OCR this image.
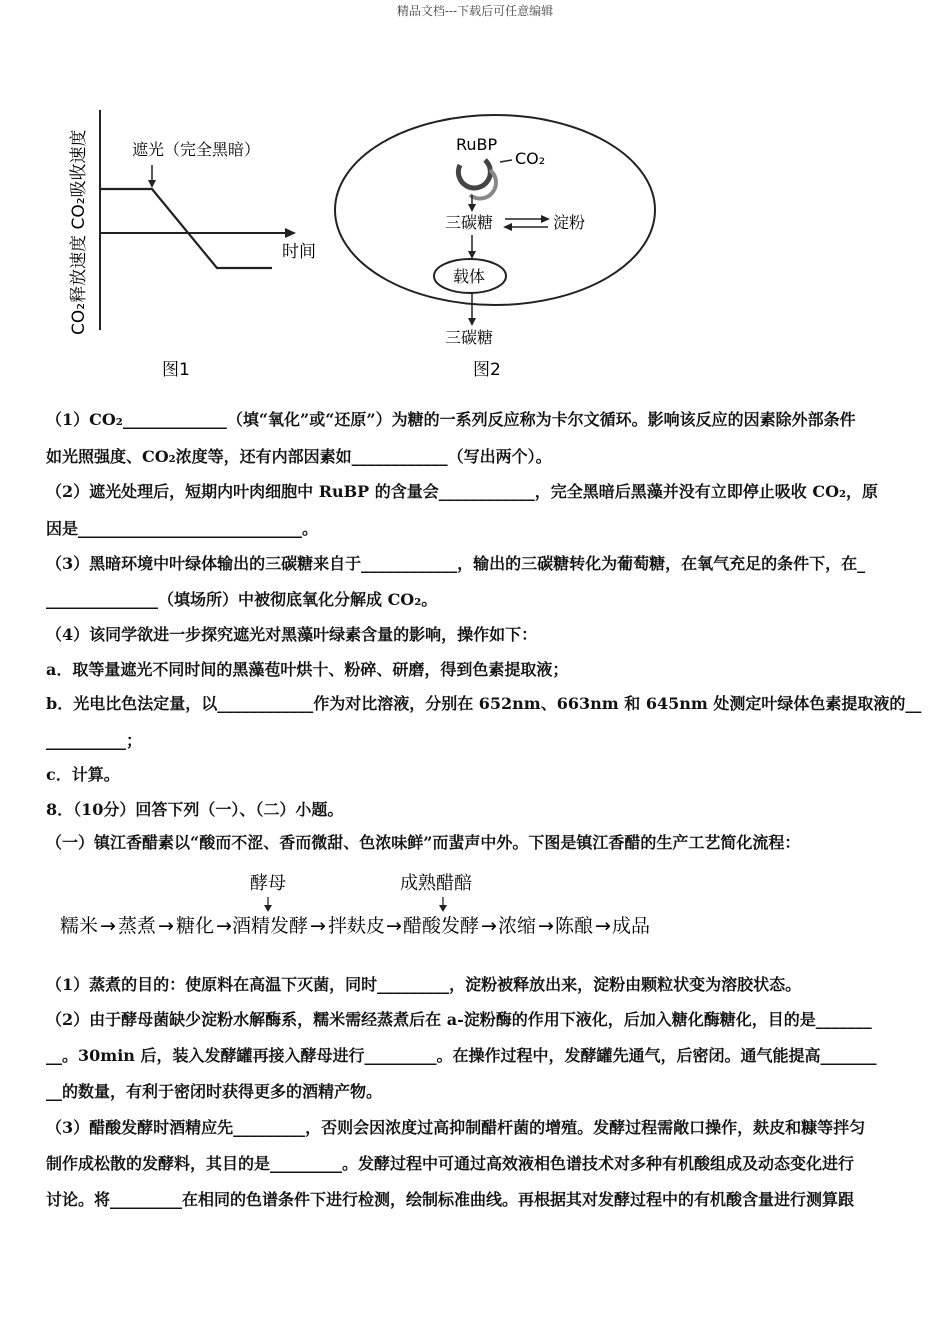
精品文档---下载后可任意编辑
CO₂释放速度 CO₂吸收速度	遮光（完全黑暗）
时间
图1
RuBP
CO₂
三碳糖	淀粉
载体
三碳糖
图2
（1）CO₂_____________（填“氧化”或“还原”）为糖的一系列反应称为卡尔文循环。影响该反应的因素除外部条件
如光照强度、CO₂浓度等，还有内部因素如____________（写出两个）。
（2）遮光处理后，短期内叶肉细胞中 RuBP 的含量会____________，完全黑暗后黑藻并没有立即停止吸收 CO₂，原
因是____________________________。
（3）黑暗环境中叶绿体输出的三碳糖来自于____________，输出的三碳糖转化为葡萄糖，在氧气充足的条件下，在_
______________（填场所）中被彻底氧化分解成 CO₂。
（4）该同学欲进一步探究遮光对黑藻叶绿素含量的影响，操作如下：
a．取等量遮光不同时间的黑藻苞叶烘十、粉碎、研磨，得到色素提取液；
b．光电比色法定量，以____________作为对比溶液，分别在 652nm、663nm 和 645nm 处测定叶绿体色素提取液的__
__________；
c．计算。
8．（10分）回答下列（一）、（二）小题。
（一）镇江香醋素以“酸而不涩、香而微甜、色浓味鲜”而蜚声中外。下图是镇江香醋的生产工艺简化流程：
酵母	成熟醋醅
糯米 → 蒸煮 → 糖化 → 酒精发酵 → 拌麸皮 → 醋酸发酵 → 浓缩 → 陈酿 → 成品
（1）蒸煮的目的：使原料在高温下灭菌，同时_________，淀粉被释放出来，淀粉由颗粒状变为溶胶状态。
（2）由于酵母菌缺少淀粉水解酶系，糯米需经蒸煮后在 a-淀粉酶的作用下液化，后加入糖化酶糖化，目的是_______
__。30min 后，装入发酵罐再接入酵母进行_________。在操作过程中，发酵罐先通气，后密闭。通气能提高_______
__的数量，有利于密闭时获得更多的酒精产物。
（3）醋酸发酵时酒精应先_________，否则会因浓度过高抑制醋杆菌的增殖。发酵过程需敞口操作，麸皮和糠等拌匀
制作成松散的发酵料，其目的是_________。发酵过程中可通过高效液相色谱技术对多种有机酸组成及动态变化进行
讨论。将_________在相同的色谱条件下进行检测，绘制标准曲线。再根据其对发酵过程中的有机酸含量进行测算跟
